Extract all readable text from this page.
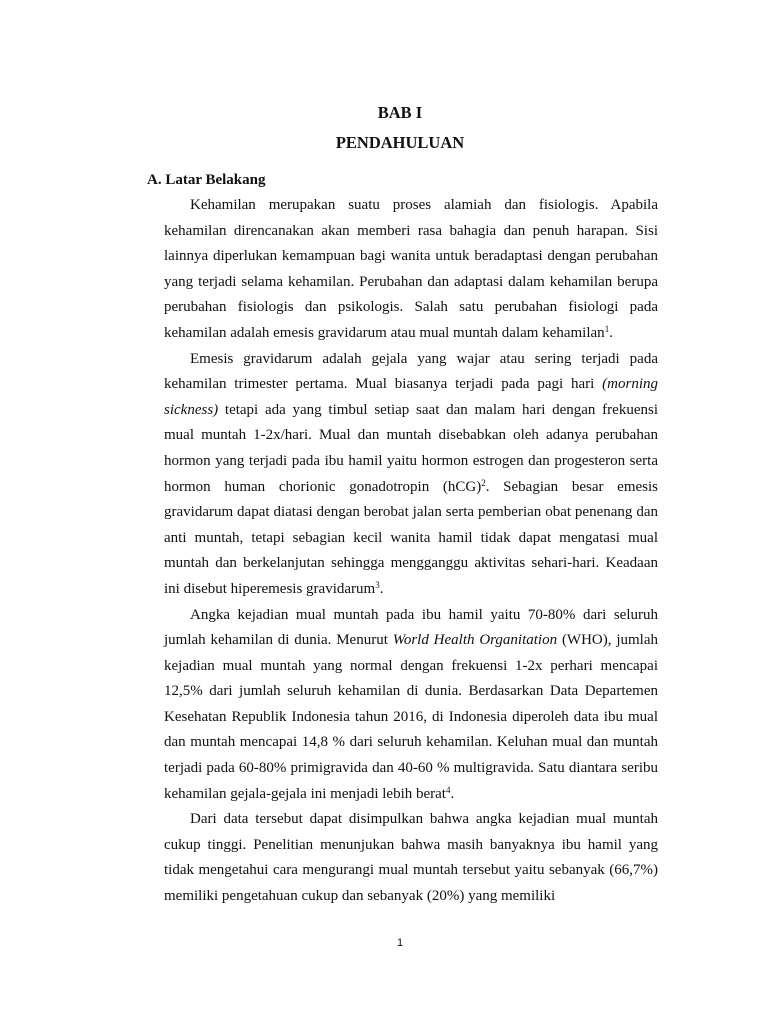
BAB I
PENDAHULUAN
A. Latar Belakang

Kehamilan merupakan suatu proses alamiah dan fisiologis. Apabila kehamilan direncanakan akan memberi rasa bahagia dan penuh harapan. Sisi lainnya diperlukan kemampuan bagi wanita untuk beradaptasi dengan perubahan yang terjadi selama kehamilan. Perubahan dan adaptasi dalam kehamilan berupa perubahan fisiologis dan psikologis. Salah satu perubahan fisiologi pada kehamilan adalah emesis gravidarum atau mual muntah dalam kehamilan$^1$.

Emesis gravidarum adalah gejala yang wajar atau sering terjadi pada kehamilan trimester pertama. Mual biasanya terjadi pada pagi hari (morning sickness) tetapi ada yang timbul setiap saat dan malam hari dengan frekuensi mual muntah 1-2x/hari. Mual dan muntah disebabkan oleh adanya perubahan hormon yang terjadi pada ibu hamil yaitu hormon estrogen dan progesteron serta hormon human chorionic gonadotropin (hCG)$^2$. Sebagian besar emesis gravidarum dapat diatasi dengan berobat jalan serta pemberian obat penenang dan anti muntah, tetapi sebagian kecil wanita hamil tidak dapat mengatasi mual muntah dan berkelanjutan sehingga mengganggu aktivitas sehari-hari. Keadaan ini disebut hiperemesis gravidarum$^3$.

Angka kejadian mual muntah pada ibu hamil yaitu 70-80% dari seluruh jumlah kehamilan di dunia. Menurut World Health Organitation (WHO), jumlah kejadian mual muntah yang normal dengan frekuensi 1-2x perhari mencapai 12,5% dari jumlah seluruh kehamilan di dunia. Berdasarkan Data Departemen Kesehatan Republik Indonesia tahun 2016, di Indonesia diperoleh data ibu mual dan muntah mencapai 14,8 % dari seluruh kehamilan. Keluhan mual dan muntah terjadi pada 60-80% primigravida dan 40-60 % multigravida. Satu diantara seribu kehamilan gejala-gejala ini menjadi lebih berat$^4$.

Dari data tersebut dapat disimpulkan bahwa angka kejadian mual muntah cukup tinggi. Penelitian menunjukan bahwa masih banyaknya ibu hamil yang tidak mengetahui cara mengurangi mual muntah tersebut yaitu sebanyak (66,7%) memiliki pengetahuan cukup dan sebanyak (20%) yang memiliki

1
